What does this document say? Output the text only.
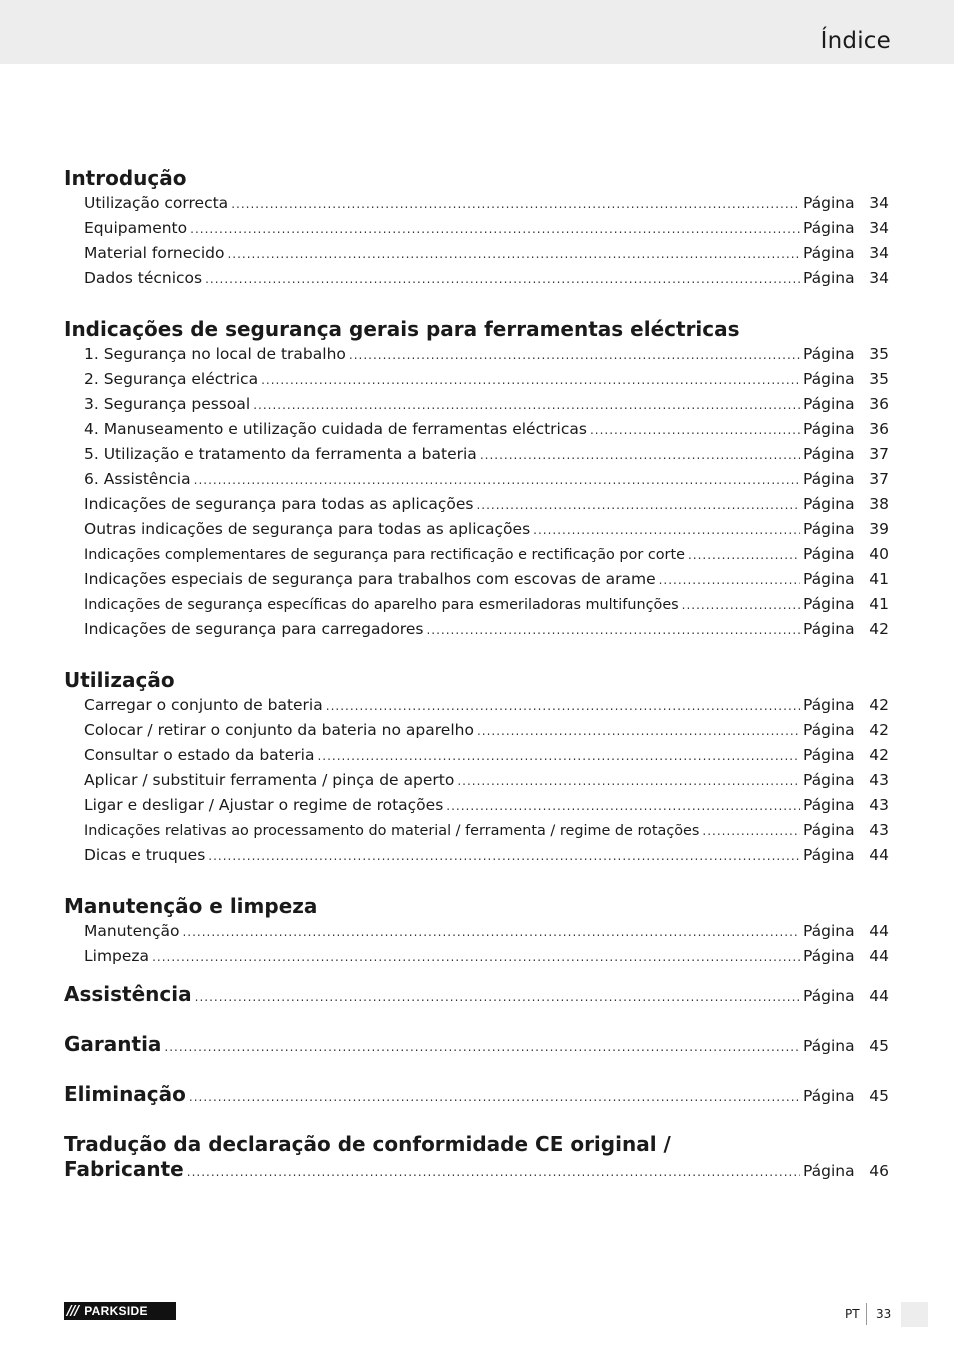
Índice
Introdução
Utilização correcta .....	Página 34
Equipamento .....	Página 34
Material fornecido .....	Página 34
Dados técnicos .....	Página 34
Indicações de segurança gerais para ferramentas eléctricas
1. Segurança no local de trabalho .....	Página 35
2. Segurança eléctrica .....	Página 35
3. Segurança pessoal .....	Página 36
4. Manuseamento e utilização cuidada de ferramentas eléctricas .....	Página 36
5. Utilização e tratamento da ferramenta a bateria .....	Página 37
6. Assistência .....	Página 37
Indicações de segurança para todas as aplicações .....	Página 38
Outras indicações de segurança para todas as aplicações .....	Página 39
Indicações complementares de segurança para rectificação e rectificação por corte .....	Página 40
Indicações especiais de segurança para trabalhos com escovas de arame .....	Página 41
Indicações de segurança específicas do aparelho para esmeriladoras multifunções .....	Página 41
Indicações de segurança para carregadores .....	Página 42
Utilização
Carregar o conjunto de bateria .....	Página 42
Colocar / retirar o conjunto da bateria no aparelho .....	Página 42
Consultar o estado da bateria .....	Página 42
Aplicar / substituir ferramenta / pinça de aperto .....	Página 43
Ligar e desligar / Ajustar o regime de rotações .....	Página 43
Indicações relativas ao processamento do material / ferramenta / regime de rotações .....	Página 43
Dicas e truques .....	Página 44
Manutenção e limpeza
Manutenção .....	Página 44
Limpeza .....	Página 44
Assistência .....	Página 44
Garantia .....	Página 45
Eliminação .....	Página 45
Tradução da declaração de conformidade CE original /
Fabricante .....	Página 46
/// PARKSIDE	PT 33
